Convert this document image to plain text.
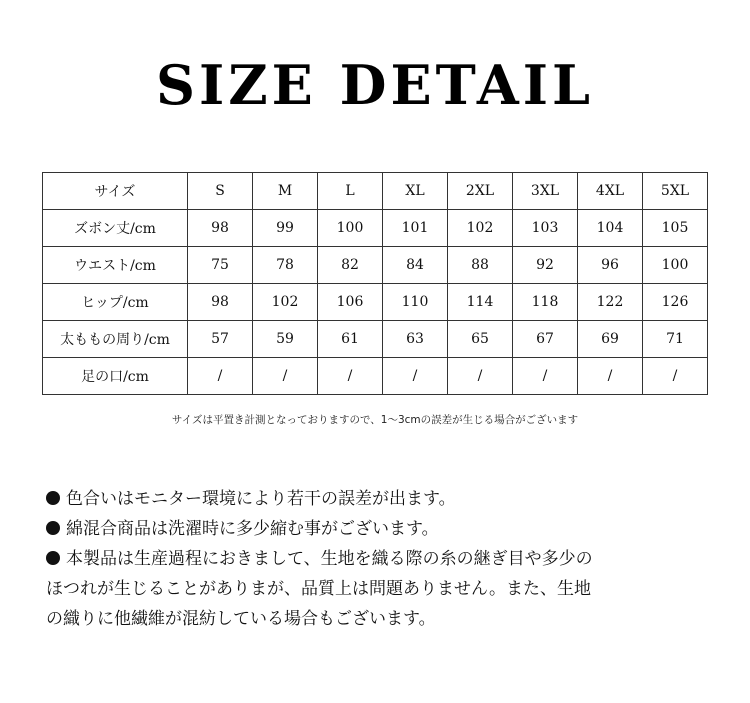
SIZE DETAIL
サイズ	S	M	L	XL	2XL	3XL	4XL	5XL
ズボン丈/cm	98	99	100	101	102	103	104	105
ウエスト/cm	75	78	82	84	88	92	96	100
ヒップ/cm	98	102	106	110	114	118	122	126
太ももの周り/cm	57	59	61	63	65	67	69	71
足の口/cm	/	/	/	/	/	/	/	/
サイズは平置き計測となっておりますので、1～3cmの誤差が生じる場合がございます

色合いはモニター環境により若干の誤差が出ます。

綿混合商品は洗濯時に多少縮む事がございます。

本製品は生産過程におきまして、生地を織る際の糸の継ぎ目や多少の

ほつれが生じることがありまが、品質上は問題ありません。また、生地

の織りに他繊維が混紡している場合もございます。
